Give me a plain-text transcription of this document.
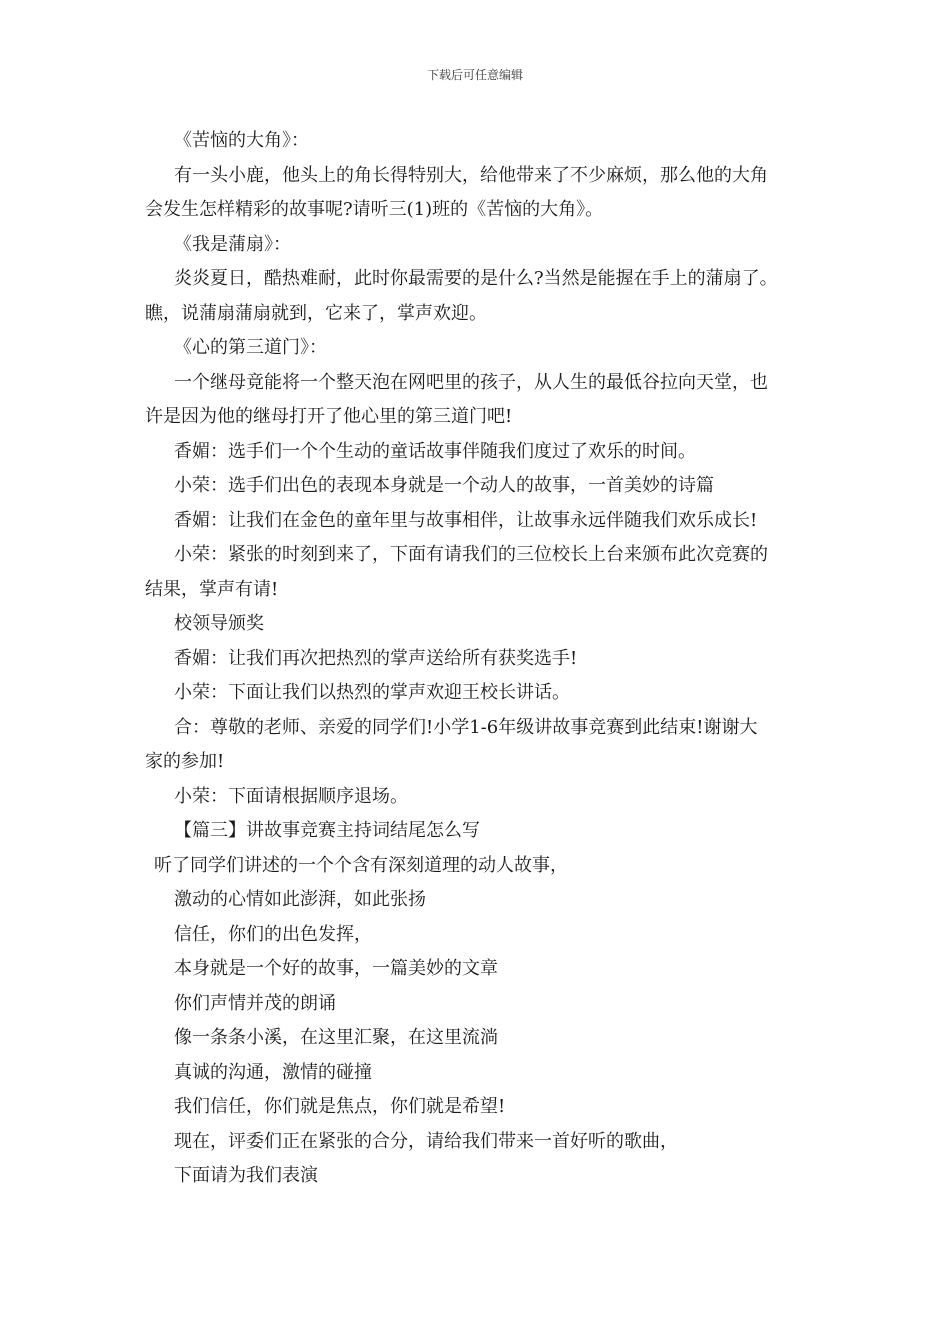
下载后可任意编辑
《苦恼的大角》：
有一头小鹿，他头上的角长得特别大，给他带来了不少麻烦，那么他的大角
会发生怎样精彩的故事呢?请听三(1)班的《苦恼的大角》。
《我是蒲扇》：
炎炎夏日，酷热难耐，此时你最需要的是什么?当然是能握在手上的蒲扇了。
瞧，说蒲扇蒲扇就到，它来了，掌声欢迎。
《心的第三道门》：
一个继母竟能将一个整天泡在网吧里的孩子，从人生的最低谷拉向天堂，也
许是因为他的继母打开了他心里的第三道门吧!
香媚：选手们一个个生动的童话故事伴随我们度过了欢乐的时间。
小荣：选手们出色的表现本身就是一个动人的故事，一首美妙的诗篇
香媚：让我们在金色的童年里与故事相伴，让故事永远伴随我们欢乐成长!
小荣：紧张的时刻到来了，下面有请我们的三位校长上台来颁布此次竞赛的
结果，掌声有请!
校领导颁奖
香媚：让我们再次把热烈的掌声送给所有获奖选手!
小荣：下面让我们以热烈的掌声欢迎王校长讲话。
合：尊敬的老师、亲爱的同学们!小学1-6年级讲故事竞赛到此结束!谢谢大
家的参加!
小荣：下面请根据顺序退场。
【篇三】讲故事竞赛主持词结尾怎么写
听了同学们讲述的一个个含有深刻道理的动人故事，
激动的心情如此澎湃，如此张扬
信任，你们的出色发挥，
本身就是一个好的故事，一篇美妙的文章
你们声情并茂的朗诵
像一条条小溪，在这里汇聚，在这里流淌
真诚的沟通，激情的碰撞
我们信任，你们就是焦点，你们就是希望!
现在，评委们正在紧张的合分，请给我们带来一首好听的歌曲，
下面请为我们表演
